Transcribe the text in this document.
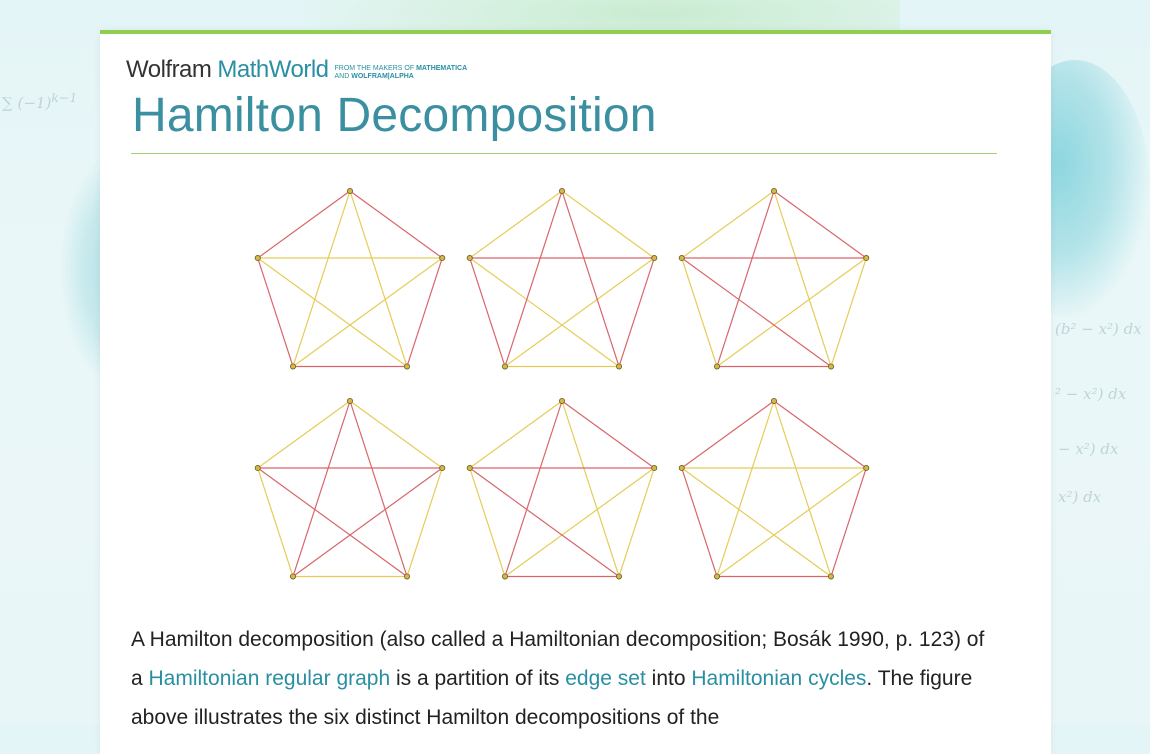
∑ $(-1)^{k-1}$
(b² − x²) dx
² − x²) dx
− x²) dx
x²) dx
Wolfram MathWorld FROM THE MAKERS OF MATHEMATICA
AND WOLFRAM|ALPHA
Hamilton Decomposition

A Hamilton decomposition (also called a Hamiltonian decomposition; Bosák 1990, p. 123) of a Hamiltonian regular graph is a partition of its edge set into Hamiltonian cycles. The figure above illustrates the six distinct Hamilton decompositions of the
